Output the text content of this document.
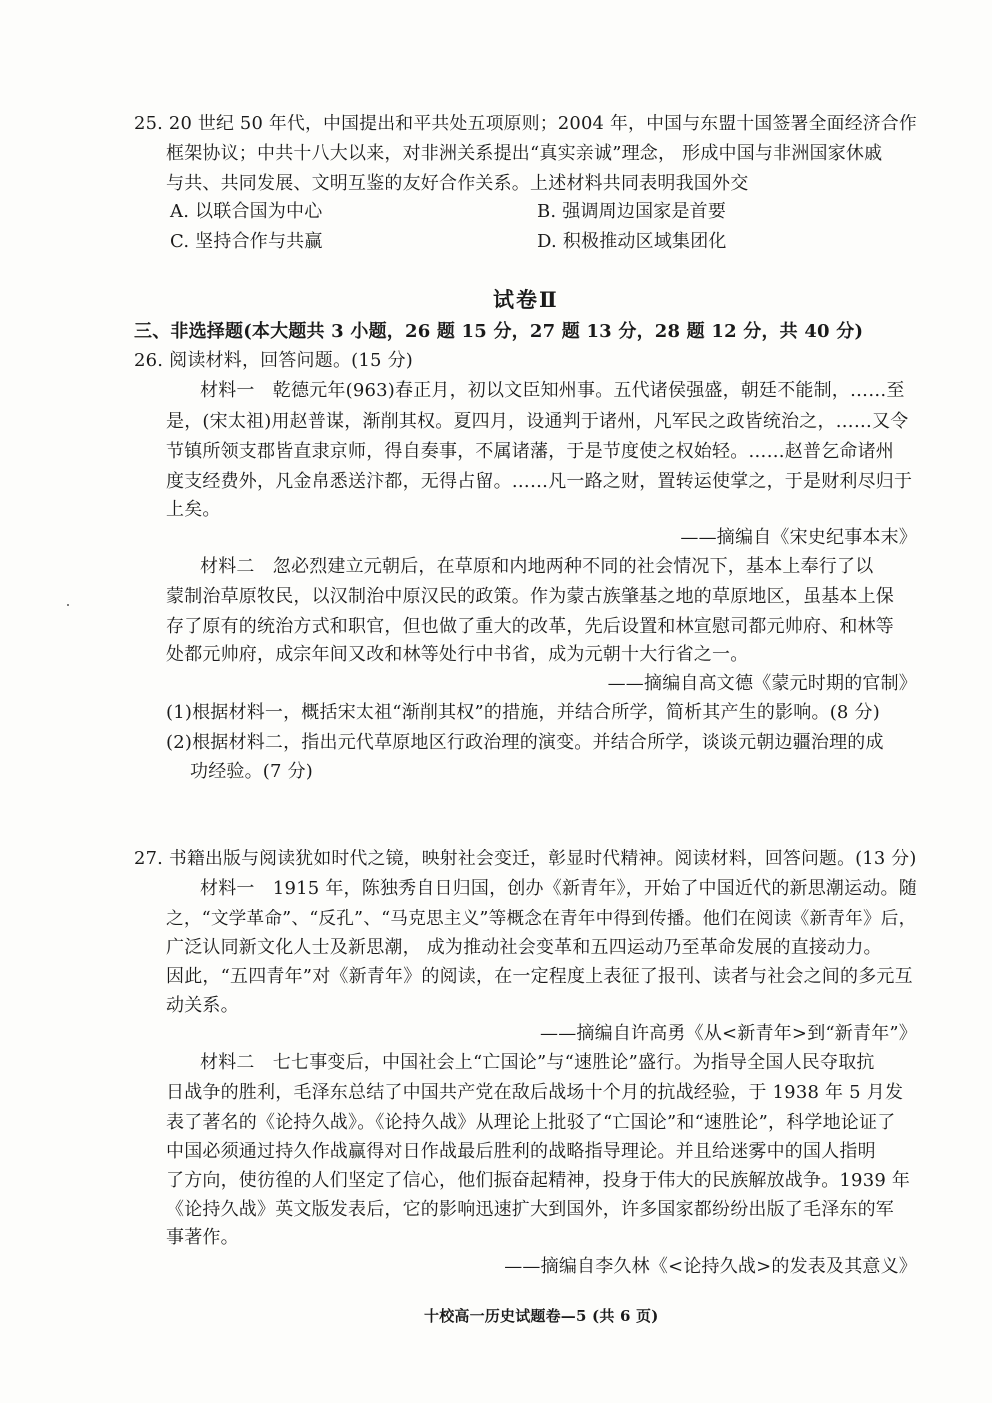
25. 20 世纪 50 年代，中国提出和平共处五项原则；2004 年，中国与东盟十国签署全面经济合作
框架协议；中共十八大以来，对非洲关系提出“真实亲诚”理念， 形成中国与非洲国家休戚
与共、共同发展、文明互鉴的友好合作关系。上述材料共同表明我国外交
A. 以联合国为中心	B. 强调周边国家是首要
C. 坚持合作与共赢	D. 积极推动区域集团化
试卷Ⅱ
三、非选择题(本大题共 3 小题，26 题 15 分，27 题 13 分，28 题 12 分，共 40 分)
26. 阅读材料，回答问题。(15 分)
材料一　乾德元年(963)春正月，初以文臣知州事。五代诸侯强盛，朝廷不能制，……至
是，(宋太祖)用赵普谋，渐削其权。夏四月，设通判于诸州，凡军民之政皆统治之，……又令
节镇所领支郡皆直隶京师，得自奏事，不属诸藩，于是节度使之权始轻。……赵普乞命诸州
度支经费外，凡金帛悉送汴都，无得占留。……凡一路之财，置转运使掌之，于是财利尽归于
上矣。
——摘编自《宋史纪事本末》
材料二　忽必烈建立元朝后，在草原和内地两种不同的社会情况下，基本上奉行了以
蒙制治草原牧民，以汉制治中原汉民的政策。作为蒙古族肇基之地的草原地区，虽基本上保
存了原有的统治方式和职官，但也做了重大的改革，先后设置和林宣慰司都元帅府、和林等
处都元帅府，成宗年间又改和林等处行中书省，成为元朝十大行省之一。
——摘编自高文德《蒙元时期的官制》
(1)根据材料一，概括宋太祖“渐削其权”的措施，并结合所学，简析其产生的影响。(8 分)
(2)根据材料二，指出元代草原地区行政治理的演变。并结合所学，谈谈元朝边疆治理的成
功经验。(7 分)
27. 书籍出版与阅读犹如时代之镜，映射社会变迁，彰显时代精神。阅读材料，回答问题。(13 分)
材料一　1915 年，陈独秀自日归国，创办《新青年》，开始了中国近代的新思潮运动。随
之，“文学革命”、“反孔”、“马克思主义”等概念在青年中得到传播。他们在阅读《新青年》后，
广泛认同新文化人士及新思潮， 成为推动社会变革和五四运动乃至革命发展的直接动力。
因此，“五四青年”对《新青年》的阅读，在一定程度上表征了报刊、读者与社会之间的多元互
动关系。
——摘编自许高勇《从<新青年>到“新青年”》
材料二　七七事变后，中国社会上“亡国论”与“速胜论”盛行。为指导全国人民夺取抗
日战争的胜利，毛泽东总结了中国共产党在敌后战场十个月的抗战经验，于 1938 年 5 月发
表了著名的《论持久战》。《论持久战》从理论上批驳了“亡国论”和“速胜论”，科学地论证了
中国必须通过持久作战赢得对日作战最后胜利的战略指导理论。并且给迷雾中的国人指明
了方向，使彷徨的人们坚定了信心，他们振奋起精神，投身于伟大的民族解放战争。1939 年
《论持久战》英文版发表后，它的影响迅速扩大到国外，许多国家都纷纷出版了毛泽东的军
事著作。
——摘编自李久林《<论持久战>的发表及其意义》
十校高一历史试题卷—5 (共 6 页)
